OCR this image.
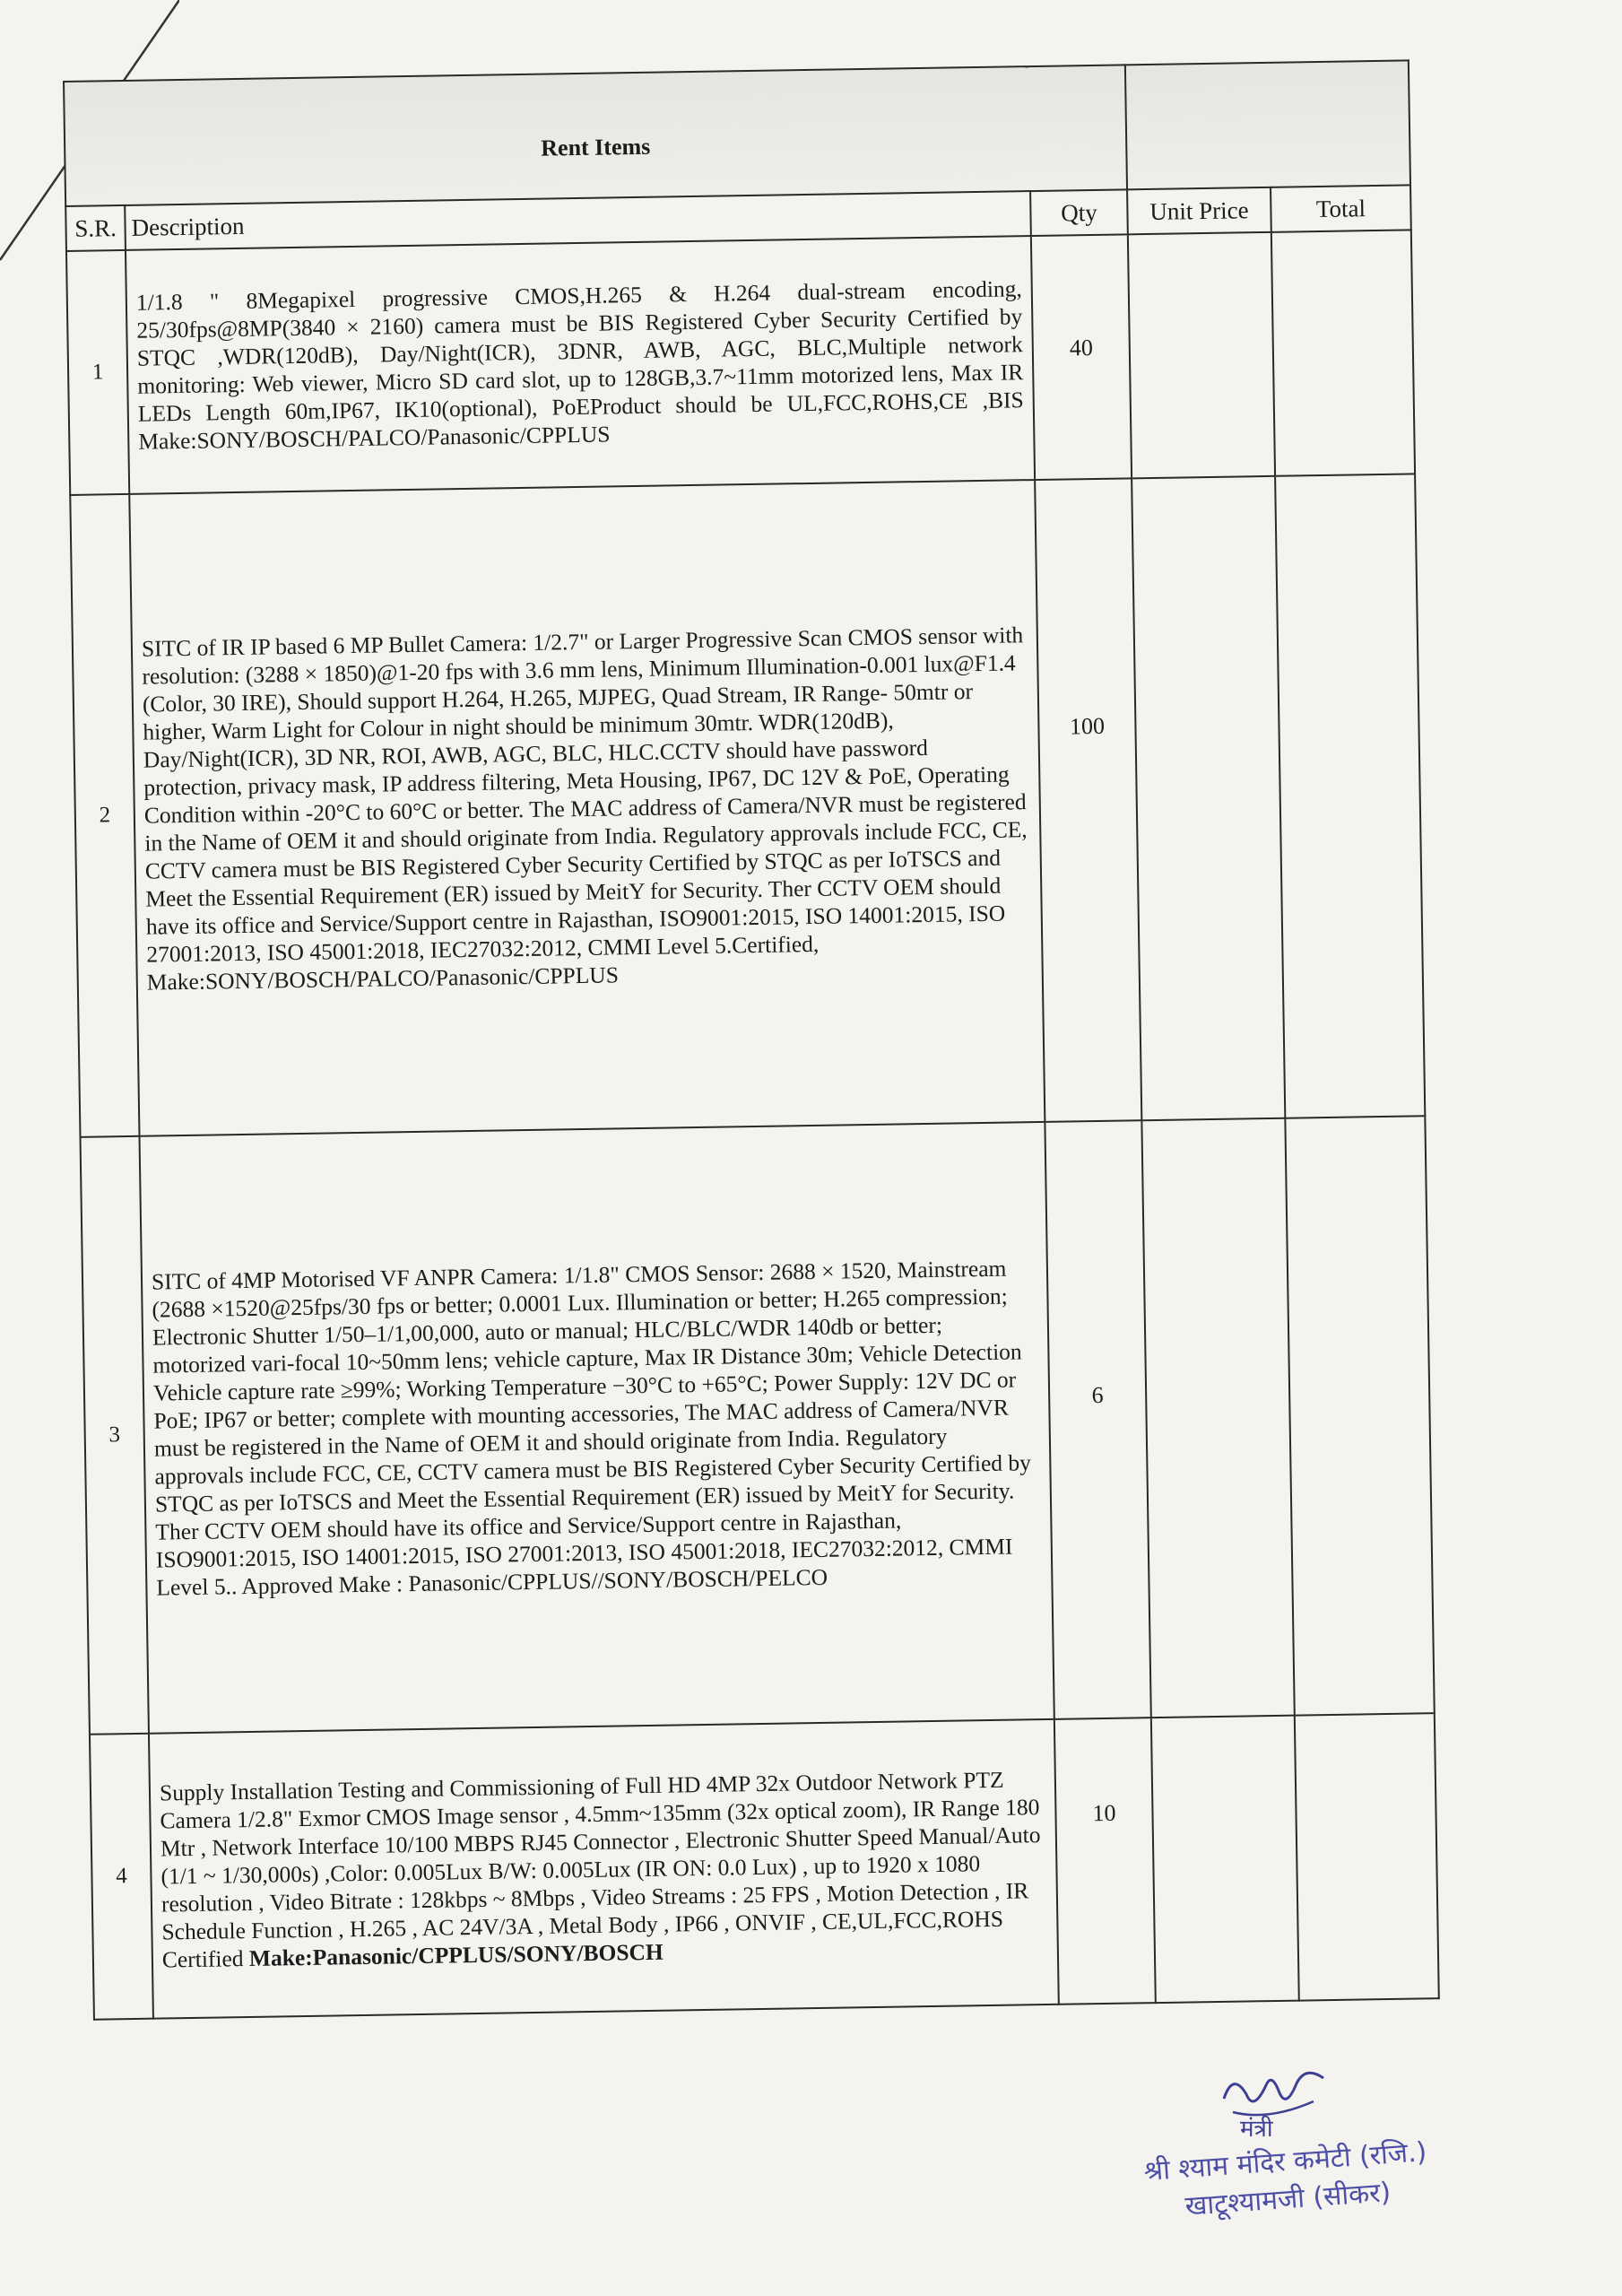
Rent Items				
S.R.	Description	Qty	Unit Price	Total
1	1/1.8 " 8Megapixel progressive CMOS,H.265 & H.264 dual-stream encoding, 25/30fps@8MP(3840 × 2160) camera must be BIS Registered Cyber Security Certified by STQC ,WDR(120dB), Day/Night(ICR), 3DNR, AWB, AGC, BLC,Multiple network monitoring: Web viewer, Micro SD card slot, up to 128GB,3.7~11mm motorized lens, Max IR LEDs Length 60m,IP67, IK10(optional), PoEProduct should be UL,FCC,ROHS,CE ,BIS Make:SONY/BOSCH/PALCO/Panasonic/CPPLUS	40		
2	SITC of IR IP based 6 MP Bullet Camera: 1/2.7" or Larger Progressive Scan CMOS sensor with resolution: (3288 × 1850)@1-20 fps with 3.6 mm lens, Minimum Illumination-0.001 lux@F1.4 (Color, 30 IRE), Should support H.264, H.265, MJPEG, Quad Stream, IR Range- 50mtr or higher, Warm Light for Colour in night should be minimum 30mtr. WDR(120dB), Day/Night(ICR), 3D NR, ROI, AWB, AGC, BLC, HLC.CCTV should have password protection, privacy mask, IP address filtering, Meta Housing, IP67, DC 12V & PoE, Operating Condition within -20°C to 60°C or better. The MAC address of Camera/NVR must be registered in the Name of OEM it and should originate from India. Regulatory approvals include FCC, CE, CCTV camera must be BIS Registered Cyber Security Certified by STQC as per IoTSCS and Meet the Essential Requirement (ER) issued by MeitY for Security. Ther CCTV OEM should have its office and Service/Support centre in Rajasthan, ISO9001:2015, ISO 14001:2015, ISO 27001:2013, ISO 45001:2018, IEC27032:2012, CMMI Level 5.Certified, Make:SONY/BOSCH/PALCO/Panasonic/CPPLUS	100		
3	SITC of 4MP Motorised VF ANPR Camera: 1/1.8" CMOS Sensor: 2688 × 1520, Mainstream (2688 ×1520@25fps/30 fps or better; 0.0001 Lux. Illumination or better; H.265 compression; Electronic Shutter 1/50–1/1,00,000, auto or manual; HLC/BLC/WDR 140db or better; motorized vari-focal 10~50mm lens; vehicle capture, Max IR Distance 30m; Vehicle Detection Vehicle capture rate ≥99%; Working Temperature −30°C to +65°C; Power Supply: 12V DC or PoE; IP67 or better; complete with mounting accessories, The MAC address of Camera/NVR must be registered in the Name of OEM it and should originate from India. Regulatory approvals include FCC, CE, CCTV camera must be BIS Registered Cyber Security Certified by STQC as per IoTSCS and Meet the Essential Requirement (ER) issued by MeitY for Security. Ther CCTV OEM should have its office and Service/Support centre in Rajasthan, ISO9001:2015, ISO 14001:2015, ISO 27001:2013, ISO 45001:2018, IEC27032:2012, CMMI Level 5.. Approved Make : Panasonic/CPPLUS//SONY/BOSCH/PELCO	6		
4	Supply Installation Testing and Commissioning of Full HD 4MP 32x Outdoor Network PTZ Camera 1/2.8" Exmor CMOS Image sensor , 4.5mm~135mm (32x optical zoom), IR Range 180 Mtr , Network Interface 10/100 MBPS RJ45 Connector , Electronic Shutter Speed Manual/Auto (1/1 ~ 1/30,000s) ,Color: 0.005Lux B/W: 0.005Lux (IR ON: 0.0 Lux) , up to 1920 x 1080 resolution , Video Bitrate : 128kbps ~ 8Mbps , Video Streams : 25 FPS , Motion Detection , IR Schedule Function , H.265 , AC 24V/3A , Metal Body , IP66 , ONVIF , CE,UL,FCC,ROHS Certified Make:Panasonic/CPPLUS/SONY/BOSCH	10		
मंत्री
श्री श्याम मंदिर कमेटी (रजि.)
खाटूश्यामजी (सीकर)
